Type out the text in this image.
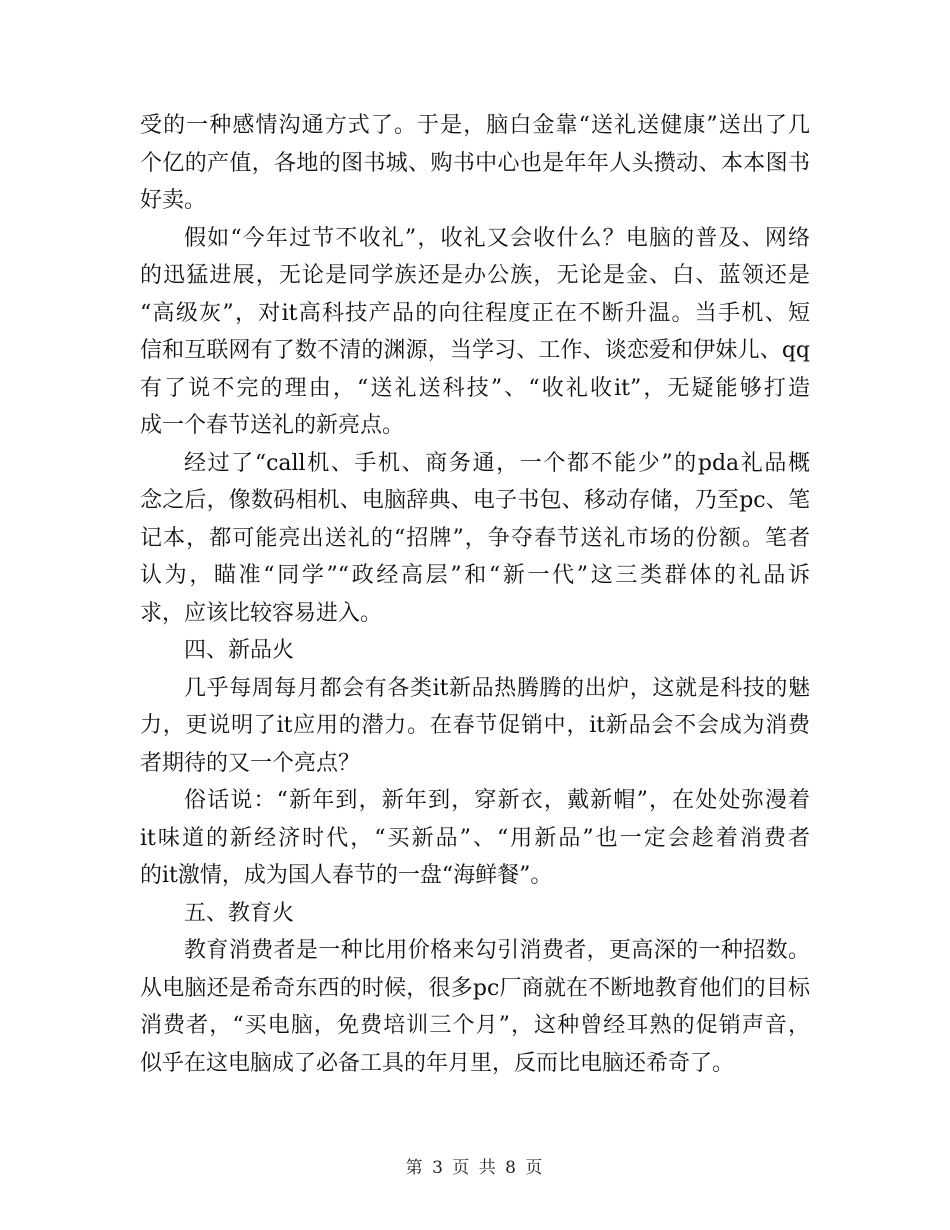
受的一种感情沟通方式了。于是，脑白金靠“送礼送健康”送出了几
个亿的产值，各地的图书城、购书中心也是年年人头攒动、本本图书
好卖。
假如“今年过节不收礼”，收礼又会收什么？电脑的普及、网络
的迅猛进展，无论是同学族还是办公族，无论是金、白、蓝领还是
“高级灰”，对it高科技产品的向往程度正在不断升温。当手机、短
信和互联网有了数不清的渊源，当学习、工作、谈恋爱和伊妹儿、qq
有了说不完的理由，“送礼送科技”、“收礼收it”，无疑能够打造
成一个春节送礼的新亮点。
经过了“call机、手机、商务通，一个都不能少”的pda礼品概
念之后，像数码相机、电脑辞典、电子书包、移动存储，乃至pc、笔
记本，都可能亮出送礼的“招牌”，争夺春节送礼市场的份额。笔者
认为，瞄准“同学”“政经高层”和“新一代”这三类群体的礼品诉
求，应该比较容易进入。
四、新品火
几乎每周每月都会有各类it新品热腾腾的出炉，这就是科技的魅
力，更说明了it应用的潜力。在春节促销中，it新品会不会成为消费
者期待的又一个亮点？
俗话说：“新年到，新年到，穿新衣，戴新帽”，在处处弥漫着
it味道的新经济时代，“买新品”、“用新品”也一定会趁着消费者
的it激情，成为国人春节的一盘“海鲜餐”。
五、教育火
教育消费者是一种比用价格来勾引消费者，更高深的一种招数。
从电脑还是希奇东西的时候，很多pc厂商就在不断地教育他们的目标
消费者，“买电脑，免费培训三个月”，这种曾经耳熟的促销声音，
似乎在这电脑成了必备工具的年月里，反而比电脑还希奇了。
第 3 页 共 8 页
